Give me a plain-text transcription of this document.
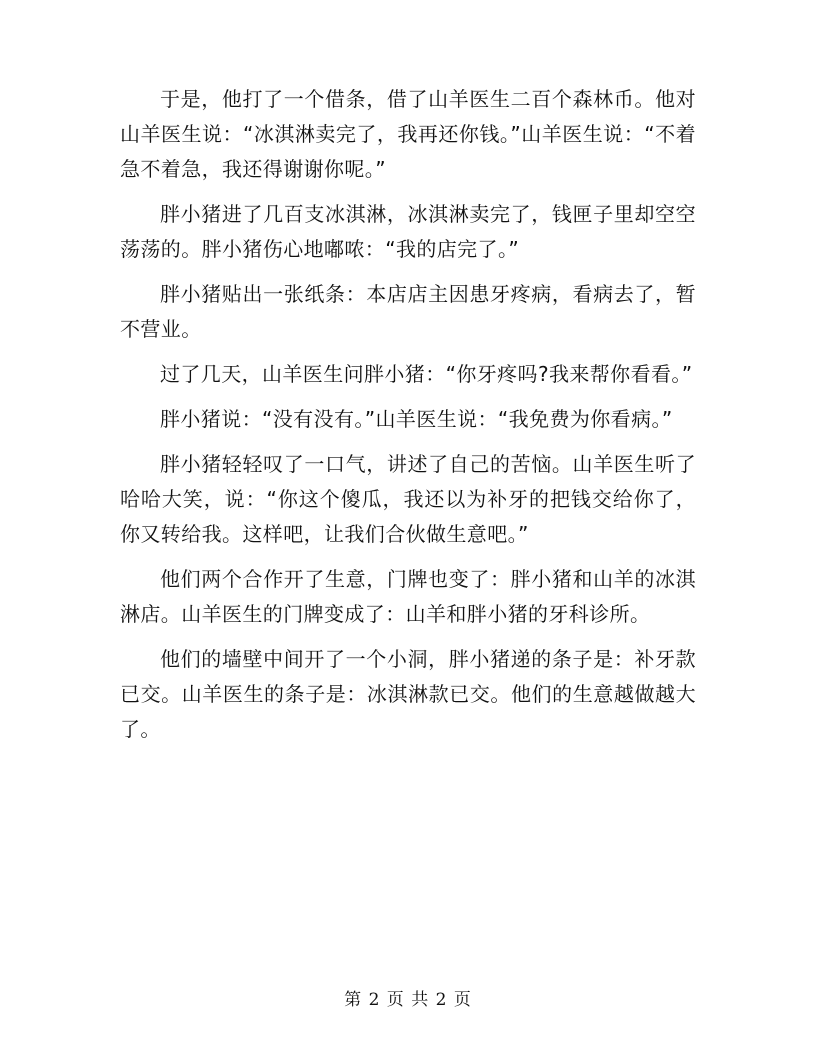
于是，他打了一个借条，借了山羊医生二百个森林币。他对山羊医生说：“冰淇淋卖完了，我再还你钱。”山羊医生说：“不着急不着急，我还得谢谢你呢。”

胖小猪进了几百支冰淇淋，冰淇淋卖完了，钱匣子里却空空荡荡的。胖小猪伤心地嘟哝：“我的店完了。”

胖小猪贴出一张纸条：本店店主因患牙疼病，看病去了，暂不营业。

过了几天，山羊医生问胖小猪：“你牙疼吗?我来帮你看看。”

胖小猪说：“没有没有。”山羊医生说：“我免费为你看病。”

胖小猪轻轻叹了一口气，讲述了自己的苦恼。山羊医生听了哈哈大笑，说：“你这个傻瓜，我还以为补牙的把钱交给你了，你又转给我。这样吧，让我们合伙做生意吧。”

他们两个合作开了生意，门牌也变了：胖小猪和山羊的冰淇淋店。山羊医生的门牌变成了：山羊和胖小猪的牙科诊所。

他们的墙壁中间开了一个小洞，胖小猪递的条子是：补牙款已交。山羊医生的条子是：冰淇淋款已交。他们的生意越做越大了。

第 2 页 共 2 页
